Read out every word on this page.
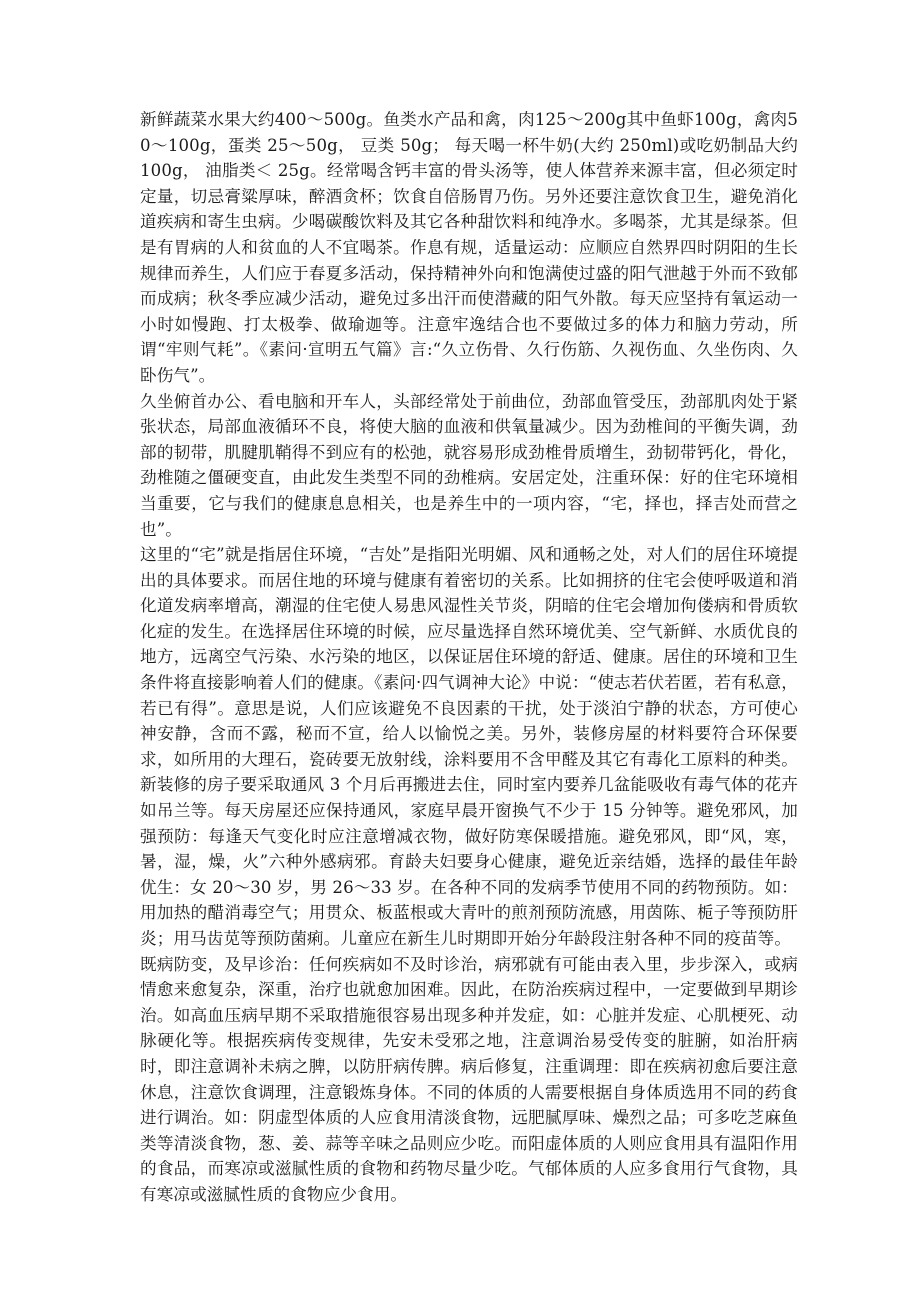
新鲜蔬菜水果大约400～500g。鱼类水产品和禽，肉125～200g其中鱼虾100g，禽肉50～100g，蛋类 25～50g， 豆类 50g； 每天喝一杯牛奶(大约 250ml)或吃奶制品大约 100g， 油脂类＜ 25g。经常喝含钙丰富的骨头汤等，使人体营养来源丰富，但必须定时定量，切忌膏粱厚味，醉酒贪杯；饮食自倍肠胃乃伤。另外还要注意饮食卫生，避免消化道疾病和寄生虫病。少喝碳酸饮料及其它各种甜饮料和纯净水。多喝茶，尤其是绿茶。但是有胃病的人和贫血的人不宜喝茶。作息有规，适量运动：应顺应自然界四时阴阳的生长规律而养生，人们应于春夏多活动，保持精神外向和饱满使过盛的阳气泄越于外而不致郁而成病；秋冬季应减少活动，避免过多出汗而使潜藏的阳气外散。每天应坚持有氧运动一小时如慢跑、打太极拳、做瑜迦等。注意牢逸结合也不要做过多的体力和脑力劳动，所谓“牢则气耗”。《素问·宣明五气篇》言:“久立伤骨、久行伤筋、久视伤血、久坐伤肉、久卧伤气”。

久坐俯首办公、看电脑和开车人，头部经常处于前曲位，劲部血管受压，劲部肌肉处于紧张状态，局部血液循环不良，将使大脑的血液和供氧量减少。因为劲椎间的平衡失调，劲部的韧带，肌腱肌鞘得不到应有的松弛，就容易形成劲椎骨质增生，劲韧带钙化，骨化，劲椎随之僵硬变直，由此发生类型不同的劲椎病。安居定处，注重环保：好的住宅环境相当重要，它与我们的健康息息相关，也是养生中的一项内容，“宅，择也，择吉处而营之也”。

这里的“宅”就是指居住环境，“吉处”是指阳光明媚、风和通畅之处，对人们的居住环境提出的具体要求。而居住地的环境与健康有着密切的关系。比如拥挤的住宅会使呼吸道和消化道发病率增高，潮湿的住宅使人易患风湿性关节炎，阴暗的住宅会增加佝偻病和骨质软化症的发生。在选择居住环境的时候，应尽量选择自然环境优美、空气新鲜、水质优良的地方，远离空气污染、水污染的地区，以保证居住环境的舒适、健康。居住的环境和卫生条件将直接影响着人们的健康。《素问·四气调神大论》中说：“使志若伏若匿，若有私意，若已有得”。意思是说，人们应该避免不良因素的干扰，处于淡泊宁静的状态，方可使心神安静，含而不露，秘而不宣，给人以愉悦之美。另外，装修房屋的材料要符合环保要求，如所用的大理石，瓷砖要无放射线，涂料要用不含甲醛及其它有毒化工原料的种类。新装修的房子要采取通风 3 个月后再搬进去住，同时室内要养几盆能吸收有毒气体的花卉如吊兰等。每天房屋还应保持通风，家庭早晨开窗换气不少于 15 分钟等。避免邪风，加强预防：每逢天气变化时应注意增减衣物，做好防寒保暖措施。避免邪风，即“风，寒，暑，湿，燥，火”六种外感病邪。育龄夫妇要身心健康，避免近亲结婚，选择的最佳年龄优生：女 20～30 岁，男 26～33 岁。在各种不同的发病季节使用不同的药物预防。如：用加热的醋消毒空气；用贯众、板蓝根或大青叶的煎剂预防流感，用茵陈、栀子等预防肝炎；用马齿苋等预防菌痢。儿童应在新生儿时期即开始分年龄段注射各种不同的疫苗等。

既病防变，及早诊治：任何疾病如不及时诊治，病邪就有可能由表入里，步步深入，或病情愈来愈复杂，深重，治疗也就愈加困难。因此，在防治疾病过程中，一定要做到早期诊治。如高血压病早期不采取措施很容易出现多种并发症，如：心脏并发症、心肌梗死、动脉硬化等。根据疾病传变规律，先安未受邪之地，注意调治易受传变的脏腑，如治肝病时，即注意调补未病之脾，以防肝病传脾。病后修复，注重调理：即在疾病初愈后要注意休息，注意饮食调理，注意锻炼身体。不同的体质的人需要根据自身体质选用不同的药食进行调治。如：阴虚型体质的人应食用清淡食物，远肥腻厚味、燥烈之品；可多吃芝麻鱼类等清淡食物，葱、姜、蒜等辛味之品则应少吃。而阳虚体质的人则应食用具有温阳作用的食品，而寒凉或滋腻性质的食物和药物尽量少吃。气郁体质的人应多食用行气食物，具有寒凉或滋腻性质的食物应少食用。
